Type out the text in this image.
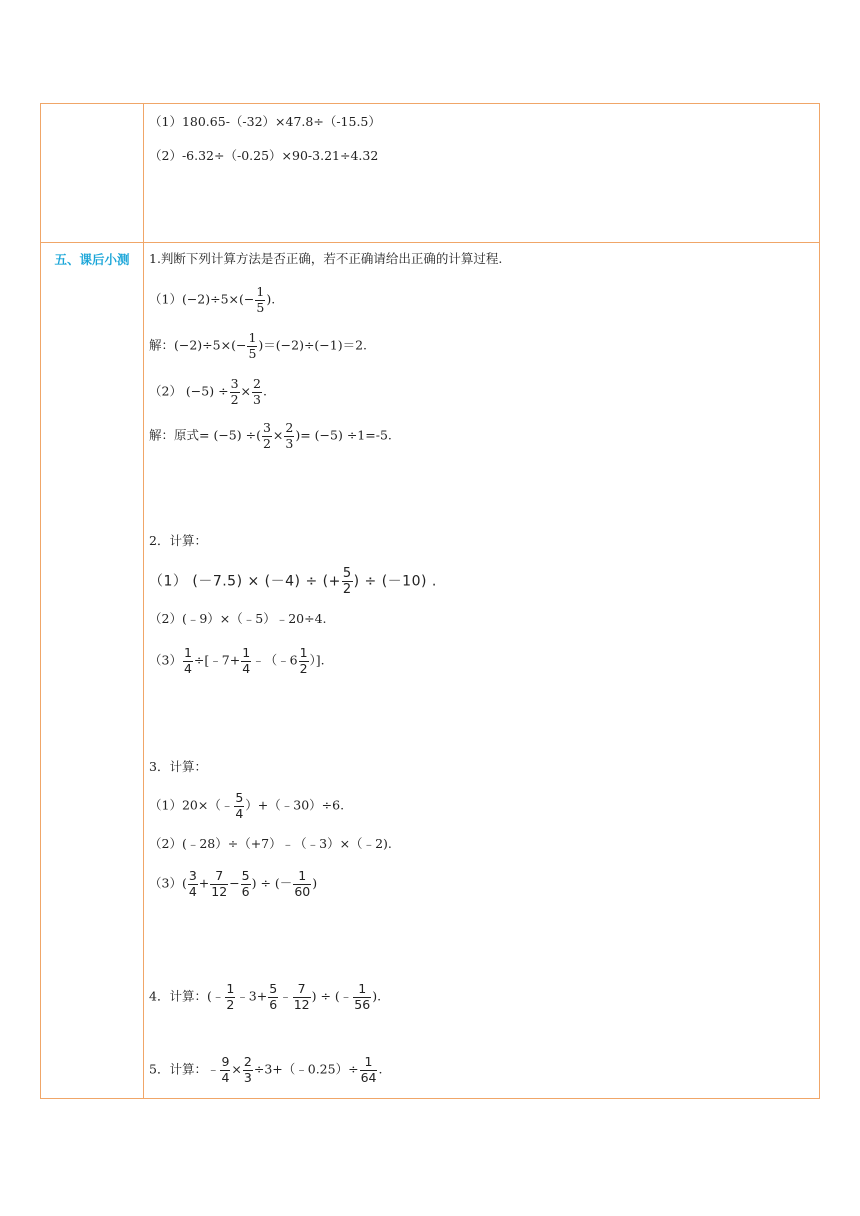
五、课后小测
（1）180.65-（-32）×47.8÷（-15.5）
（2）-6.32÷（-0.25）×90-3.21÷4.32
1.判断下列计算方法是否正确，若不正确请给出正确的计算过程.
$(1)(-2)\div 5\times(- \frac{1}{5}$ ).
解：$(-2)\div 5\times(- \frac{1}{5} )=(-2)\div(-1)=2$.
（2） $(-5) \div \frac{3}{2} \times \frac{2}{3}$ .
解：原式= (−5) ÷( $\frac{3}{2} \times \frac{2}{3}$ )= (−5) ÷1=-5.
2．计算：
（1） (－7.5) × (－4) ÷ (+ $\frac{5}{2}$ ) ÷ (－10) .
（2）(﹣9）×（﹣5）﹣20÷4.
$(3) \frac{1}{4}$ ÷[﹣7+ $\frac{1}{4}$ ﹣（﹣6 $\frac{1}{2}$ ）].
3．计算：
（1）20×（﹣ $\frac{5}{4}$ ）+（﹣30）÷6.
（2）(﹣28）÷（+7）﹣（﹣3）×（﹣2).
$(3)( \frac{3}{4} + \frac{7}{12} - \frac{5}{6}$ ) ÷ (－ $\frac{1}{60}$ )
4．计算：(﹣ $\frac{1}{2}$ ﹣3+ $\frac{5}{6}$ ﹣ $\frac{7}{12}$ ) ÷ (﹣ $\frac{1}{56}$ ).
5．计算：﹣ $\frac{9}{4} \times \frac{2}{3}$ ÷3+（﹣0.25）÷ $\frac{1}{64}$ .
